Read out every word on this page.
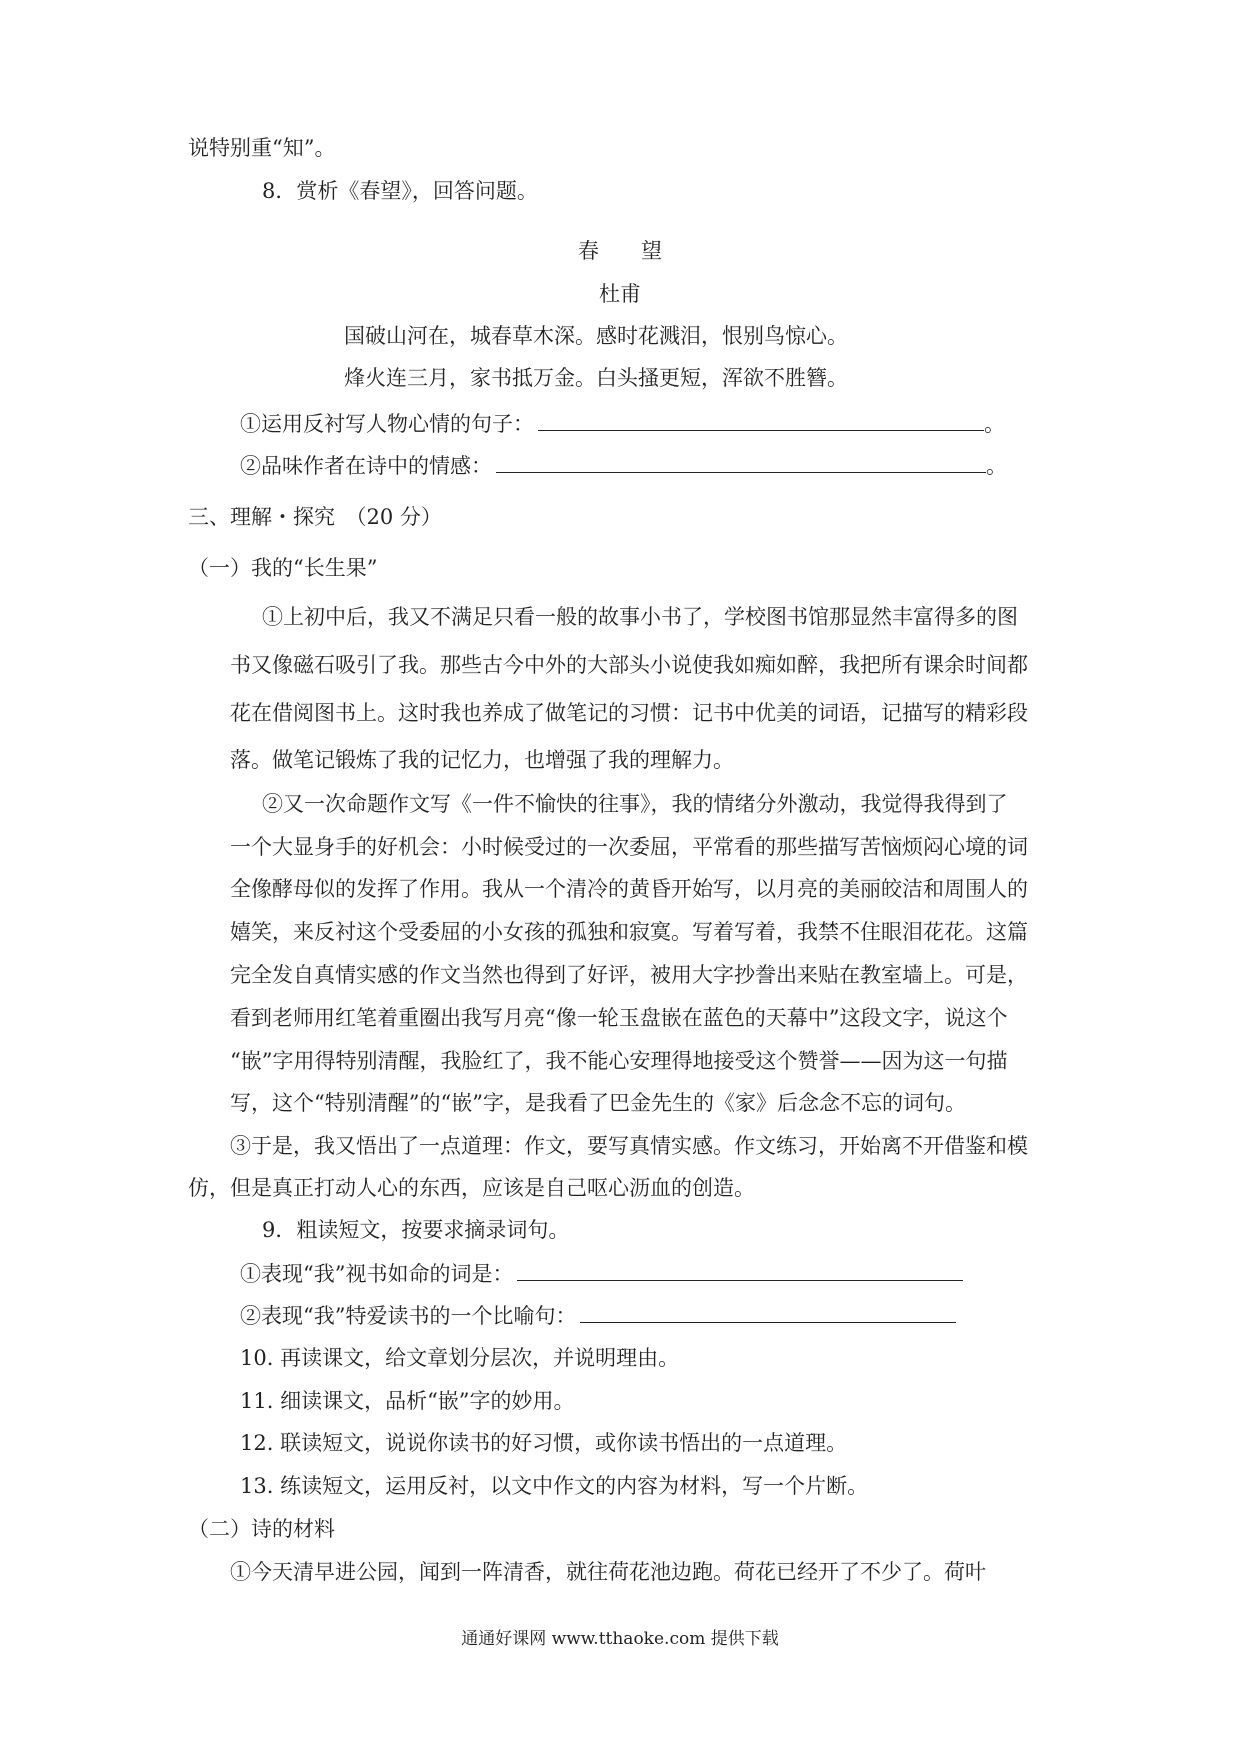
说特别重“知”。
8．赏析《春望》，回答问题。
春　　望
杜甫
国破山河在，城春草木深。感时花溅泪，恨别鸟惊心。
烽火连三月，家书抵万金。白头搔更短，浑欲不胜簪。
①运用反衬写人物心情的句子：	。
②品味作者在诗中的情感：	。
三、理解・探究　（20 分）
（一）我的“长生果”
①上初中后，我又不满足只看一般的故事小书了，学校图书馆那显然丰富得多的图
书又像磁石吸引了我。那些古今中外的大部头小说使我如痴如醉，我把所有课余时间都
花在借阅图书上。这时我也养成了做笔记的习惯：记书中优美的词语，记描写的精彩段
落。做笔记锻炼了我的记忆力，也增强了我的理解力。
②又一次命题作文写《一件不愉快的往事》，我的情绪分外激动，我觉得我得到了
一个大显身手的好机会：小时候受过的一次委屈，平常看的那些描写苦恼烦闷心境的词
全像酵母似的发挥了作用。我从一个清冷的黄昏开始写，以月亮的美丽皎洁和周围人的
嬉笑，来反衬这个受委屈的小女孩的孤独和寂寞。写着写着，我禁不住眼泪花花。这篇
完全发自真情实感的作文当然也得到了好评，被用大字抄誊出来贴在教室墙上。可是，
看到老师用红笔着重圈出我写月亮“像一轮玉盘嵌在蓝色的天幕中”这段文字，说这个
“嵌”字用得特别清醒，我脸红了，我不能心安理得地接受这个赞誉——因为这一句描
写，这个“特别清醒”的“嵌”字，是我看了巴金先生的《家》后念念不忘的词句。
③于是，我又悟出了一点道理：作文，要写真情实感。作文练习，开始离不开借鉴和模
仿，但是真正打动人心的东西，应该是自己呕心沥血的创造。
9．粗读短文，按要求摘录词句。
①表现“我”视书如命的词是：
②表现“我”特爱读书的一个比喻句：
10. 再读课文，给文章划分层次，并说明理由。
11. 细读课文，品析“嵌”字的妙用。
12. 联读短文，说说你读书的好习惯，或你读书悟出的一点道理。
13. 练读短文，运用反衬，以文中作文的内容为材料，写一个片断。
（二）诗的材料
①今天清早进公园，闻到一阵清香，就往荷花池边跑。荷花已经开了不少了。荷叶
通通好课网 www.tthaoke.com 提供下载
